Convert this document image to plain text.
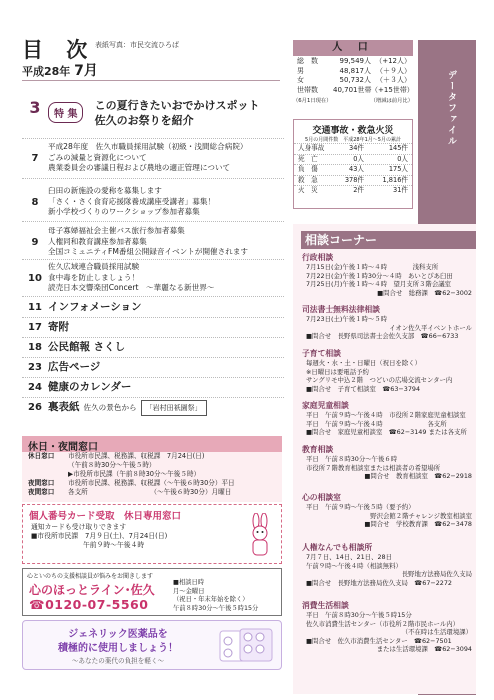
目 次 表紙写真：市民交流ひろば
平成28年 7月
3	特 集
この夏行きたいおでかけスポット
佐久のお祭りを紹介
7
平成28年度　佐久市職員採用試験（初級・浅間総合病院）
ごみの減量と資源化について
農業委員会の審議日程および農地の適正管理について
8
臼田の新施設の愛称を募集します
「さく・さく食育応援隊養成講座受講者」募集！
新小学校づくりのワークショップ参加者募集
9
母子寡婦福祉会主催バス旅行参加者募集
人権同和教育講座参加者募集
全国コミュニティFM番組公開録音イベントが開催されます
10
佐久広域連合職員採用試験
食中毒を防止しましょう！
読売日本交響楽団Concert　〜華麗なる新世界〜
11 インフォメーション
17 寄附
18 公民館報 さくし
23 広告ページ
24 健康のカレンダー
26 裏表紙 佐久の景色から 「岩村田祇園祭」
休日・夜間窓口
休日窓口 市役所市民課、税務課、収税課　7月24日(日)
（午前８時30分〜午後５時）
▶市役所市民課（午前８時30分〜午後５時）
夜間窓口 市役所市民課、税務課、収税課（〜午後６時30分）平日
夜間窓口 各支所　　　　　　　　　　（〜午後６時30分）月曜日
個人番号カード受取　休日専用窓口
通知カードも受け取りできます
■市役所市民課　7月９日(土)、7月24日(日)
午前９時〜午後４時
心といのちの支援相談員が悩みをお聞きします
心のほっとライン･佐久
☎0120-07-5560
■相談日時
月〜金曜日
（祝日・年末年始を除く）
午前８時30分〜午後５時15分
ジェネリック医薬品を
積極的に使用しましょう！
〜あなたの薬代の負担を軽く〜
データファイル
人 口
総　数	99,549人 （+12人）
男	48,817人 （＋９人）
女	50,732人 （＋３人）
世帯数	40,701世帯 （+15世帯）
（6月1日現在）	（増減は前月比）
交通事故・救急火災
5月の月間件数　平成28年1月〜5月の累計
人身事故	34件	145件
死　亡	0人	0人
負　傷	43人	175人
救　急	378件	1,816件
火　災	2件	31件
相談コーナー
行政相談
7月15日(金)午後１時〜４時　　　　浅科支所
7月22日(金)午後１時30分〜４時　あいとぴあ臼田
7月25日(月)午後１時〜４時　望月支所３階会議室
■問合せ　総務課　☎62−3002
司法書士無料法律相談
7月23日(土)午後１時〜５時
イオン佐久平イベントホール
■問合せ　長野県司法書士会佐久支部　☎66−6733
子育て相談
毎週火・水・土・日曜日（祝日を除く）
※日曜日は要電話予約
サングリモ中込２階　つどいの広場交流センター内
■問合せ　子育て相談室　☎63−3794
家庭児童相談
平日　午前９時〜午後４時　市役所２階家庭児童相談室
平日　午前９時〜午後４時　　　　　　　各支所
■問合せ　家庭児童相談室　☎62−3149 または各支所
教育相談
平日　午前８時30分〜午後６時
市役所７階教育相談室または相談者の希望場所
■問合せ　教育相談室　☎62−2918
心の相談室
平日　午前９時〜午後５時（要予約）
野沢会館２階チャレンジ教室相談室
■問合せ　学校教育課　☎62−3478
人権なんでも相談所
7月７日、14日、21日、28日
午前９時〜午後４時（相談無料）
長野地方法務局佐久支局
■問合せ　長野地方法務局佐久支局　☎67−2272
消費生活相談
平日　午前８時30分〜午後５時15分
佐久市消費生活センター（市役所２階市民ホール内）
（不在時は生活環境課）
■問合せ　佐久市消費生活センター　☎62−7501
または生活環境課　☎62−3094
